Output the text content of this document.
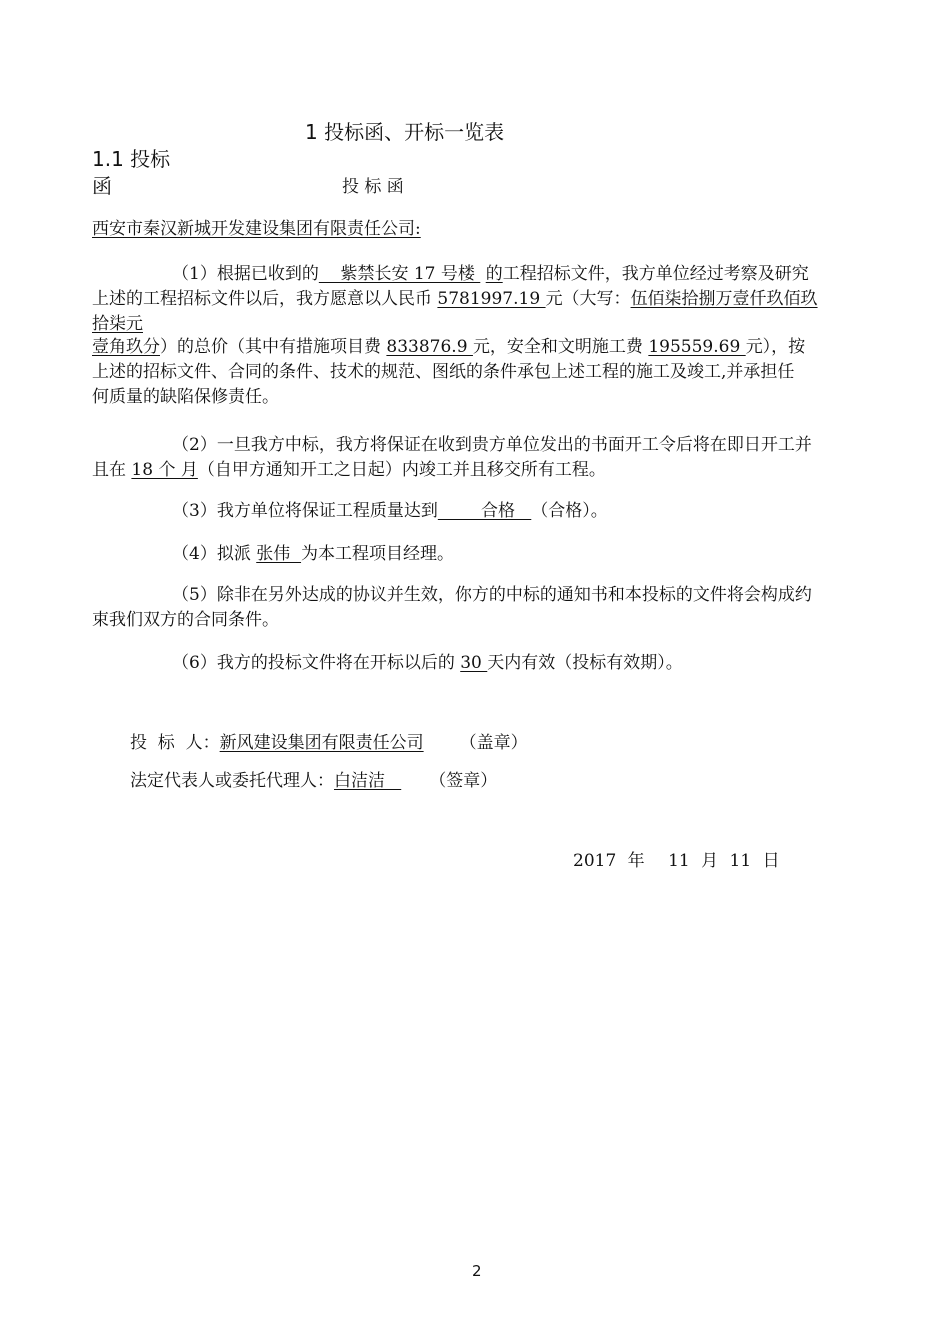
1 投标函、开标一览表
1.1 投标
函	投 标 函
西安市秦汉新城开发建设集团有限责任公司:
（1）根据已收到的    紫禁长安 17 号楼  的工程招标文件，我方单位经过考察及研究
上述的工程招标文件以后，我方愿意以人民币 5781997.19 元（大写：伍佰柒拾捌万壹仟玖佰玖
拾柒元
壹角玖分）的总价（其中有措施项目费 833876.9 元，安全和文明施工费 195559.69 元），按
上述的招标文件、合同的条件、技术的规范、图纸的条件承包上述工程的施工及竣工,并承担任
何质量的缺陷保修责任。
（2）一旦我方中标，我方将保证在收到贵方单位发出的书面开工令后将在即日开工并
且在 18 个 月（自甲方通知开工之日起）内竣工并且移交所有工程。
（3）我方单位将保证工程质量达到        合格   （合格）。
（4）拟派 张伟  为本工程项目经理。
（5）除非在另外达成的协议并生效，你方的中标的通知书和本投标的文件将会构成约
束我们双方的合同条件。
（6）我方的投标文件将在开标以后的 30 天内有效（投标有效期）。
投  标  人：新风建设集团有限责任公司 （盖章）
法定代表人或委托代理人：白洁洁   （签章）
2017 年 11 月 11 日
2
